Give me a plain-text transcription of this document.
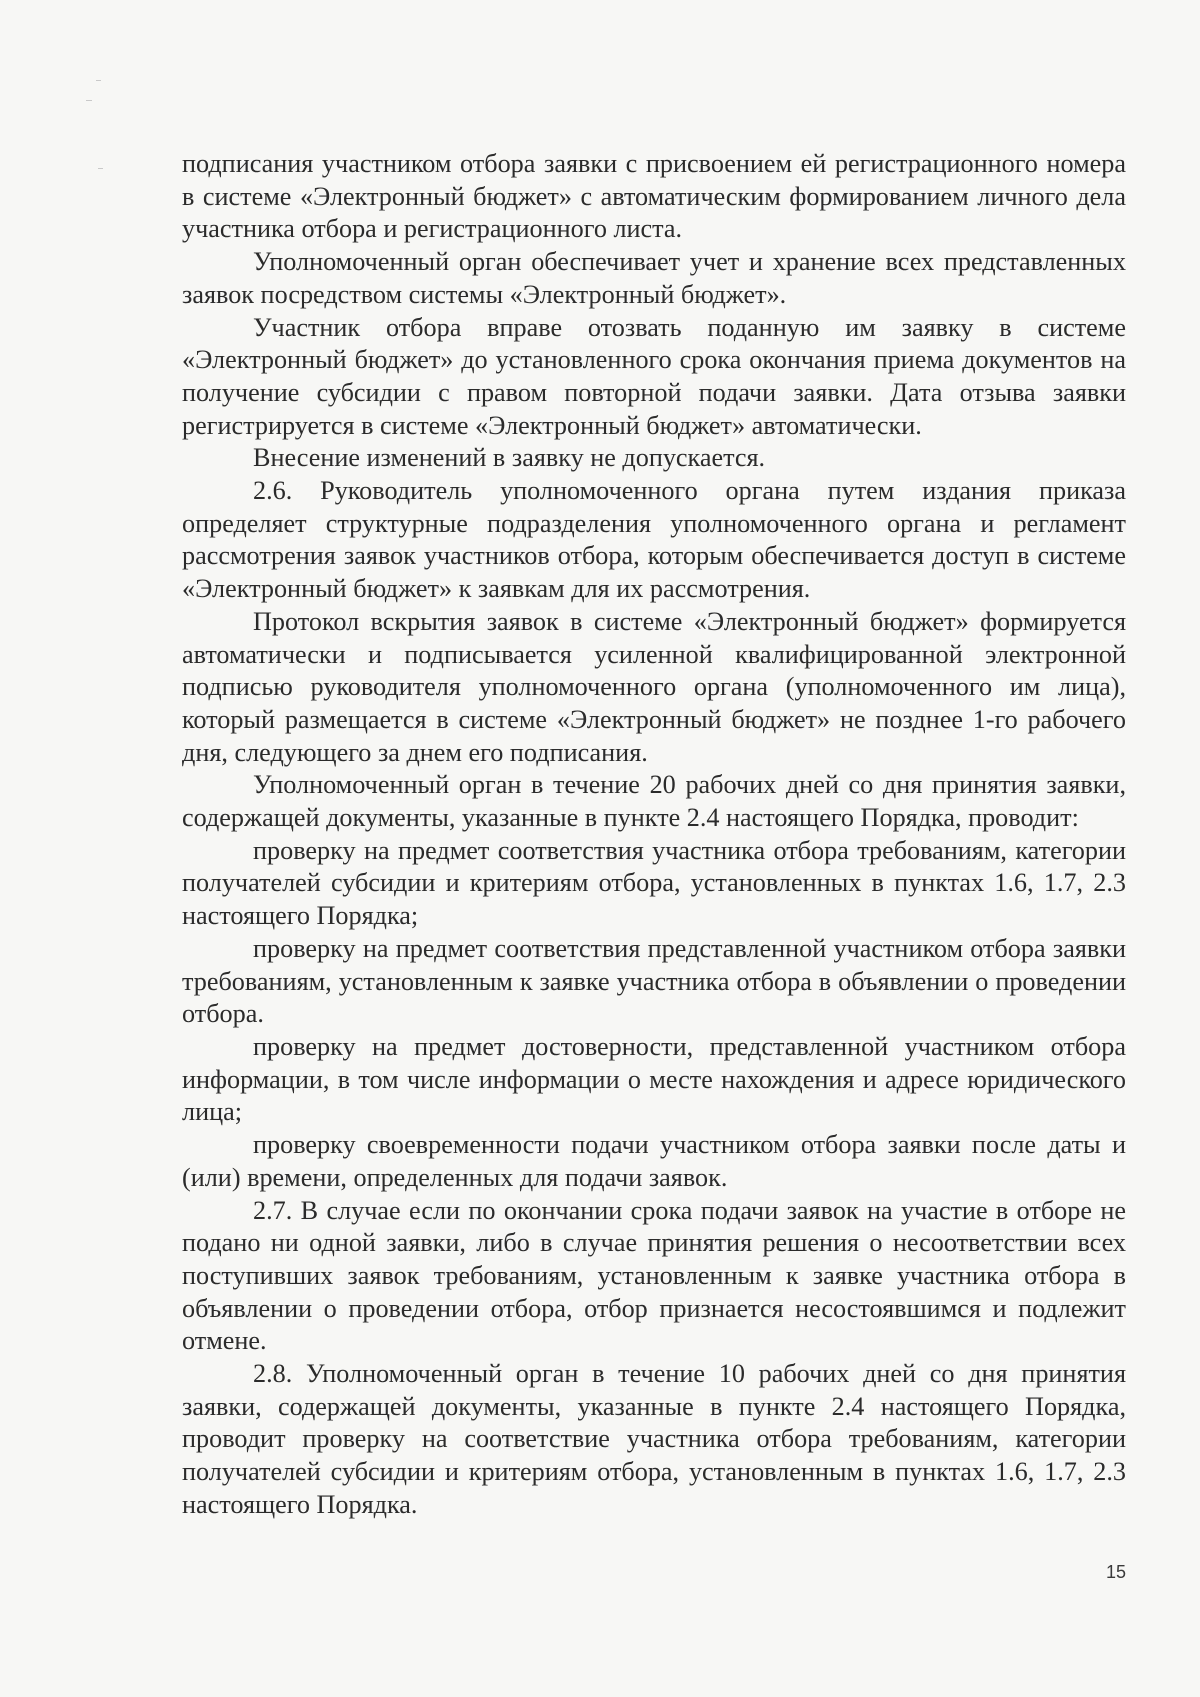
подписания участником отбора заявки с присвоением ей регистрационного номера в системе «Электронный бюджет» с автоматическим формированием личного дела участника отбора и регистрационного листа.

Уполномоченный орган обеспечивает учет и хранение всех представленных заявок посредством системы «Электронный бюджет».

Участник отбора вправе отозвать поданную им заявку в системе «Электронный бюджет» до установленного срока окончания приема документов на получение субсидии с правом повторной подачи заявки. Дата отзыва заявки регистрируется в системе «Электронный бюджет» автоматически.

Внесение изменений в заявку не допускается.

2.6. Руководитель уполномоченного органа путем издания приказа определяет структурные подразделения уполномоченного органа и регламент рассмотрения заявок участников отбора, которым обеспечивается доступ в системе «Электронный бюджет» к заявкам для их рассмотрения.

Протокол вскрытия заявок в системе «Электронный бюджет» формируется автоматически и подписывается усиленной квалифицированной электронной подписью руководителя уполномоченного органа (уполномоченного им лица), который размещается в системе «Электронный бюджет» не позднее 1-го рабочего дня, следующего за днем его подписания.

Уполномоченный орган в течение 20 рабочих дней со дня принятия заявки, содержащей документы, указанные в пункте 2.4 настоящего Порядка, проводит:

проверку на предмет соответствия участника отбора требованиям, категории получателей субсидии и критериям отбора, установленных в пунктах 1.6, 1.7, 2.3 настоящего Порядка;

проверку на предмет соответствия представленной участником отбора заявки требованиям, установленным к заявке участника отбора в объявлении о проведении отбора.

проверку на предмет достоверности, представленной участником отбора информации, в том числе информации о месте нахождения и адресе юридического лица;

проверку своевременности подачи участником отбора заявки после даты и (или) времени, определенных для подачи заявок.

2.7. В случае если по окончании срока подачи заявок на участие в отборе не подано ни одной заявки, либо в случае принятия решения о несоответствии всех поступивших заявок требованиям, установленным к заявке участника отбора в объявлении о проведении отбора, отбор признается несостоявшимся и подлежит отмене.

2.8. Уполномоченный орган в течение 10 рабочих дней со дня принятия заявки, содержащей документы, указанные в пункте 2.4 настоящего Порядка, проводит проверку на соответствие участника отбора требованиям, категории получателей субсидии и критериям отбора, установленным в пунктах 1.6, 1.7, 2.3 настоящего Порядка.

15
